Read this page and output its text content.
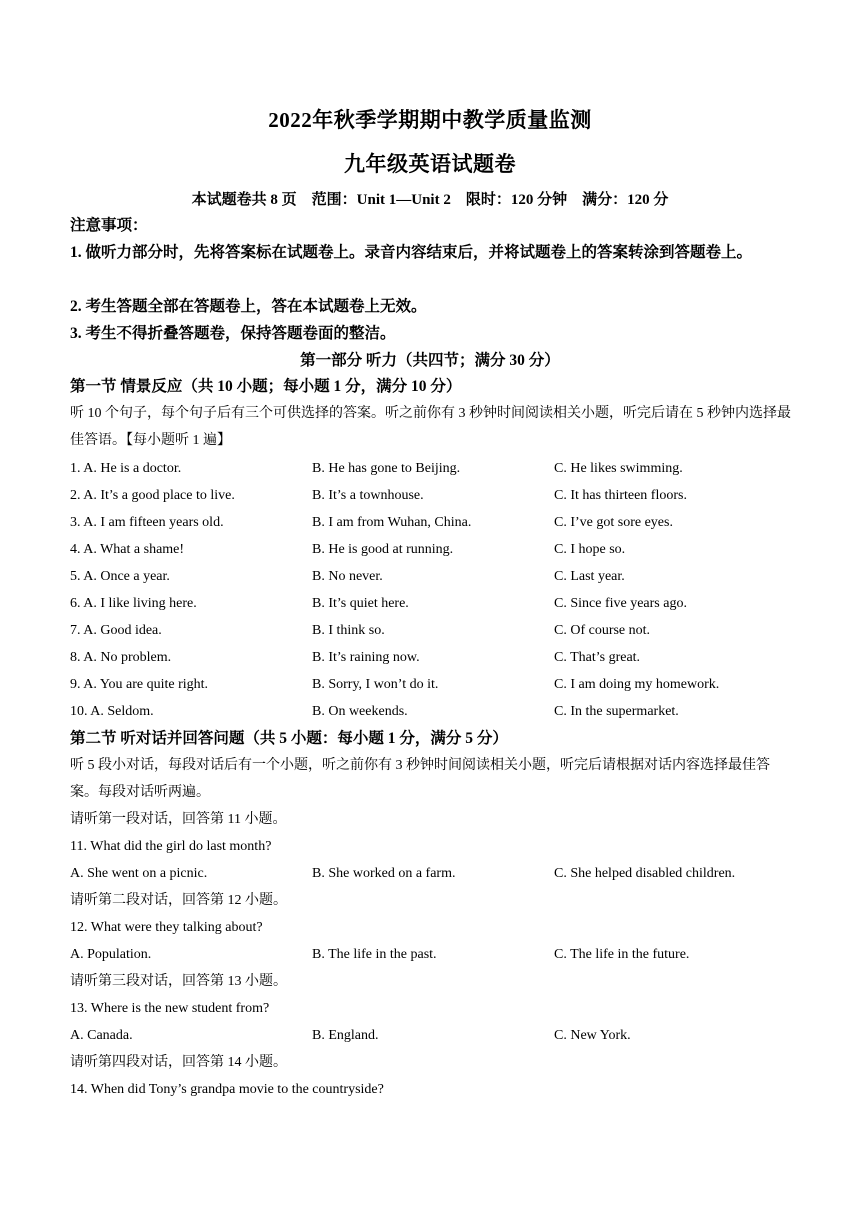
2022年秋季学期期中教学质量监测
九年级英语试题卷
本试题卷共 8 页    范围：Unit 1—Unit 2    限时：120 分钟    满分：120 分
注意事项：
1. 做听力部分时，先将答案标在试题卷上。录音内容结束后，并将试题卷上的答案转涂到答题卷上。
2. 考生答题全部在答题卷上，答在本试题卷上无效。
3. 考生不得折叠答题卷，保持答题卷面的整洁。
第一部分 听力（共四节；满分 30 分）
第一节 情景反应（共 10 小题；每小题 1 分，满分 10 分）
听 10 个句子，每个句子后有三个可供选择的答案。听之前你有 3 秒钟时间阅读相关小题，听完后请在 5 秒钟内选择最佳答语。【每小题听 1 遍】
1. A. He is a doctor.	B. He has gone to Beijing.	C. He likes swimming.
2. A. It’s a good place to live.	B. It’s a townhouse.	C. It has thirteen floors.
3. A. I am fifteen years old.	B. I am from Wuhan, China.	C. I’ve got sore eyes.
4. A. What a shame!	B. He is good at running.	C. I hope so.
5. A. Once a year.	B. No never.	C. Last year.
6. A. I like living here.	B. It’s quiet here.	C. Since five years ago.
7. A. Good idea.	B. I think so.	C. Of course not.
8. A. No problem.	B. It’s raining now.	C. That’s great.
9. A. You are quite right.	B. Sorry, I won’t do it.	C. I am doing my homework.
10. A. Seldom.	B. On weekends.	C. In the supermarket.
第二节 听对话并回答问题（共 5 小题：每小题 1 分，满分 5 分）
听 5 段小对话，每段对话后有一个小题，听之前你有 3 秒钟时间阅读相关小题，听完后请根据对话内容选择最佳答案。每段对话听两遍。
请听第一段对话，回答第 11 小题。
11. What did the girl do last month?
A. She went on a picnic.	B. She worked on a farm.	C. She helped disabled children.
请听第二段对话，回答第 12 小题。
12. What were they talking about?
A. Population.	B. The life in the past.	C. The life in the future.
请听第三段对话，回答第 13 小题。
13. Where is the new student from?
A. Canada.	B. England.	C. New York.
请听第四段对话，回答第 14 小题。
14. When did Tony’s grandpa movie to the countryside?
